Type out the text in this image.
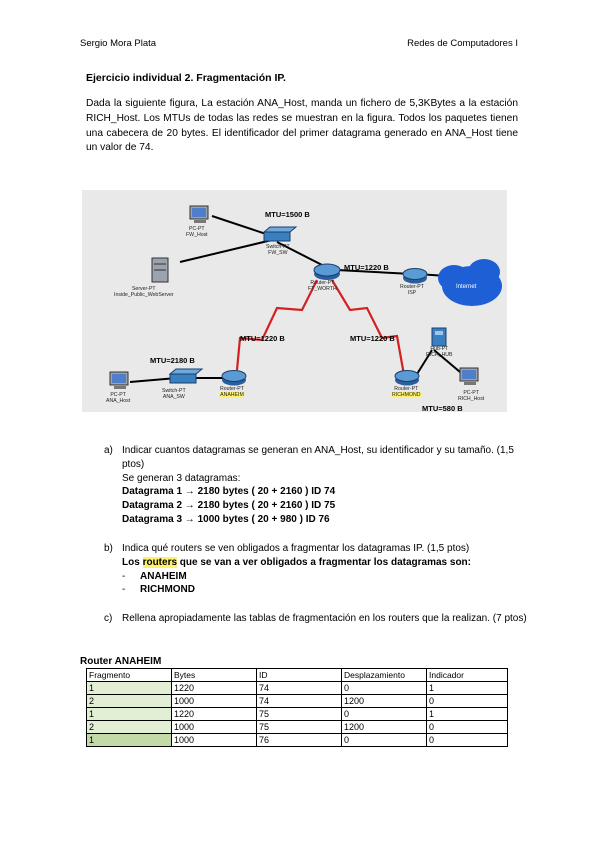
Sergio Mora Plata	Redes de Computadores I
Ejercicio individual 2. Fragmentación IP.
Dada la siguiente figura, La estación ANA_Host, manda un fichero de 5,3KBytes a la estación RICH_Host. Los MTUs de todas las redes se muestran en la figura. Todos los paquetes tienen una cabecera de 20 bytes. El identificador del primer datagrama generado en ANA_Host tiene un valor de 74.
MTU=1500 B
MTU=1220 B
MTU=1220 B	MTU=1220 B
MTU=2180 B
MTU=580 B
PC-PT
FW_Host
Switch-PT
FW_SW
Server-PT
Inside_Public_WebServer
Router-PT
FT_WORTH	Router-PT
ISP
Internet
Hub-PT
RICH_HUB
Router-PT
ANAHEIM
Switch-PT
ANA_SW
PC-PT
ANA_Host
Router-PT
RICHMOND	PC-PT
RICH_Host
a) Indicar cuantos datagramas se generan en ANA_Host, su identificador y su tamaño. (1,5 ptos)
Se generan 3 datagramas:
Datagrama 1 → 2180 bytes ( 20 + 2160 ) ID 74
Datagrama 2 → 2180 bytes ( 20 + 2160 ) ID 75
Datagrama 3 → 1000 bytes ( 20 + 980 ) ID 76
b) Indica qué routers se ven obligados a fragmentar los datagramas IP. (1,5 ptos)
Los routers que se van a ver obligados a fragmentar los datagramas son:
- ANAHEIM
- RICHMOND
c) Rellena apropiadamente las tablas de fragmentación en los routers que la realizan. (7 ptos)
Router ANAHEIM
Fragmento	Bytes	ID	Desplazamiento	Indicador
1	1220	74	0	1
2	1000	74	1200	0
1	1220	75	0	1
2	1000	75	1200	0
1	1000	76	0	0
